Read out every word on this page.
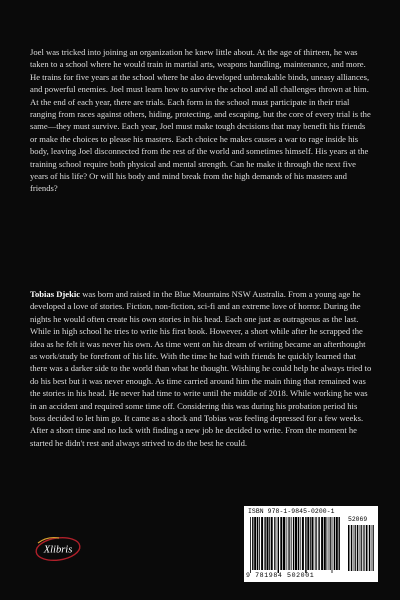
Joel was tricked into joining an organization he knew little about. At the age of thirteen, he was taken to a school where he would train in martial arts, weapons handling, maintenance, and more. He trains for five years at the school where he also developed unbreakable binds, uneasy alliances, and powerful enemies. Joel must learn how to survive the school and all challenges thrown at him. At the end of each year, there are trials. Each form in the school must participate in their trial ranging from races against others, hiding, protecting, and escaping, but the core of every trial is the same—they must survive. Each year, Joel must make tough decisions that may benefit his friends or make the choices to please his masters. Each choice he makes causes a war to rage inside his body, leaving Joel disconnected from the rest of the world and sometimes himself. His years at the training school require both physical and mental strength. Can he make it through the next five years of his life? Or will his body and mind break from the high demands of his masters and friends?

Tobias Djekic was born and raised in the Blue Mountains NSW Australia. From a young age he developed a love of stories. Fiction, non-fiction, sci-fi and an extreme love of horror. During the nights he would often create his own stories in his head. Each one just as outrageous as the last. While in high school he tries to write his first book. However, a short while after he scrapped the idea as he felt it was never his own. As time went on his dream of writing became an afterthought as work/study be forefront of his life. With the time he had with friends he quickly learned that there was a darker side to the world than what he thought. Wishing he could help he always tried to do his best but it was never enough. As time carried around him the main thing that remained was the stories in his head. He never had time to write until the middle of 2018. While working he was in an accident and required some time off. Considering this was during his probation period his boss decided to let him go. It came as a shock and Tobias was feeling depressed for a few weeks. After a short time and no luck with finding a new job he decided to write. From the moment he started he didn't rest and always strived to do the best he could.

Xlibris
ISBN 978-1-9845-0200-1
52069
9 781984 502001
